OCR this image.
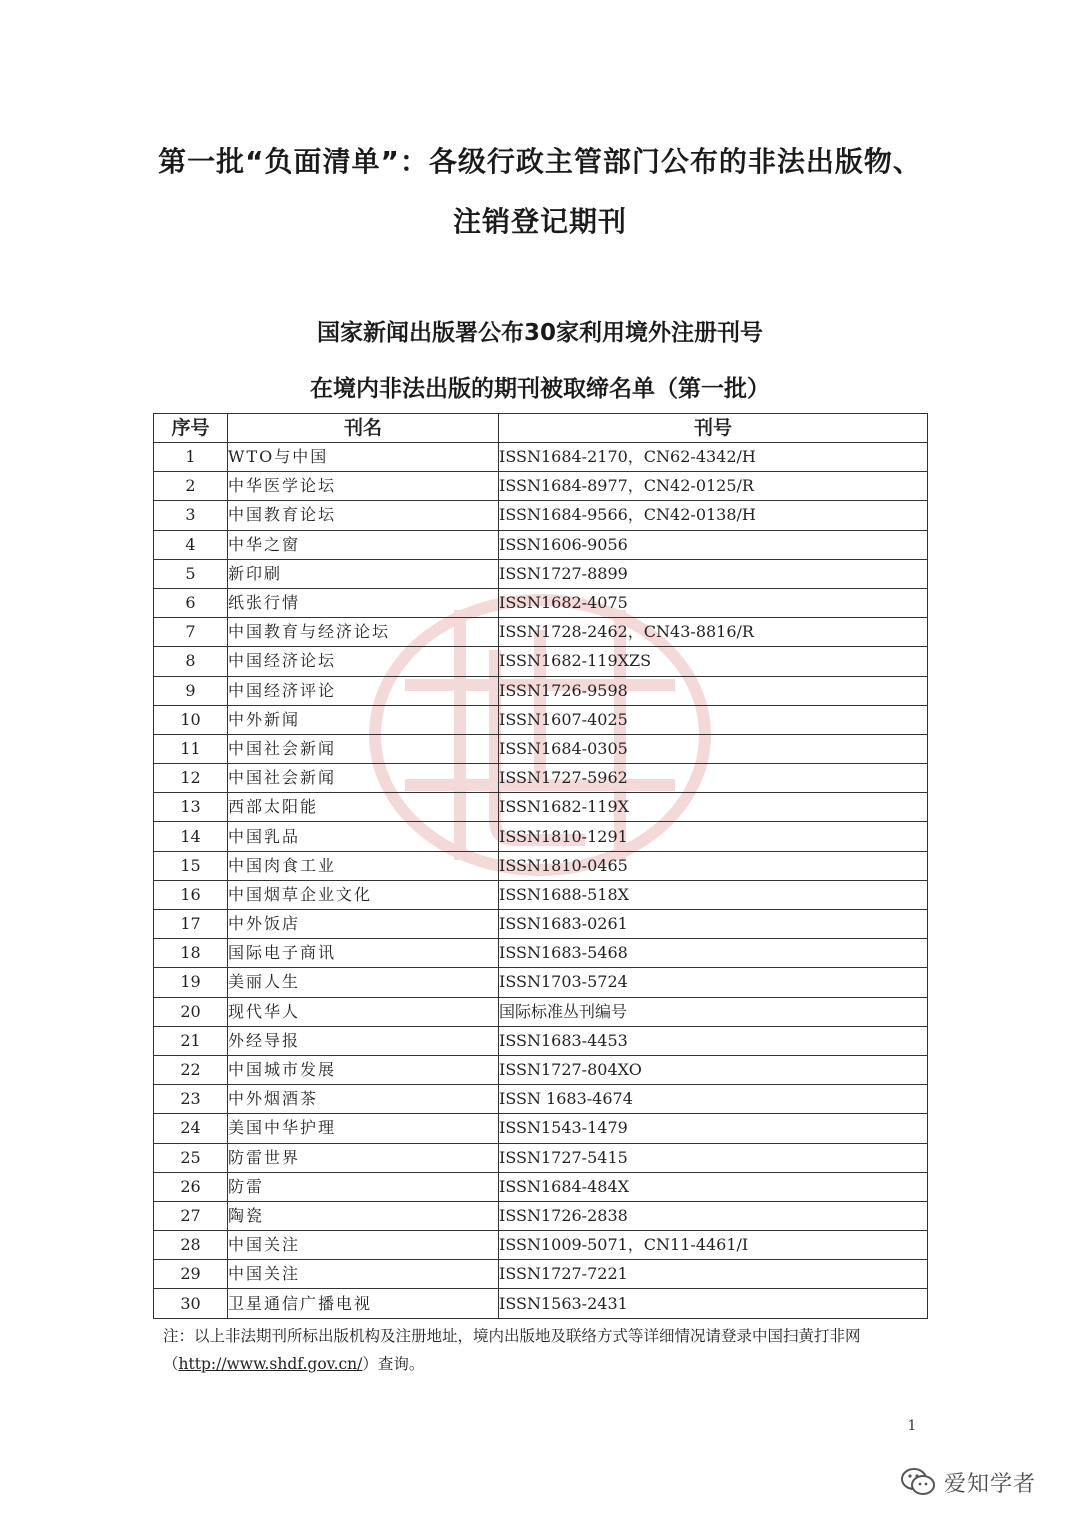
第一批“负面清单”：各级行政主管部门公布的非法出版物、
注销登记期刊
国家新闻出版署公布30家利用境外注册刊号
在境内非法出版的期刊被取缔名单（第一批）
序号	刊名	刊号
1	WTO与中国	ISSN1684-2170，CN62-4342/H
2	中华医学论坛	ISSN1684-8977，CN42-0125/R
3	中国教育论坛	ISSN1684-9566，CN42-0138/H
4	中华之窗	ISSN1606-9056
5	新印刷	ISSN1727-8899
6	纸张行情	ISSN1682-4075
7	中国教育与经济论坛	ISSN1728-2462，CN43-8816/R
8	中国经济论坛	ISSN1682-119XZS
9	中国经济评论	ISSN1726-9598
10	中外新闻	ISSN1607-4025
11	中国社会新闻	ISSN1684-0305
12	中国社会新闻	ISSN1727-5962
13	西部太阳能	ISSN1682-119X
14	中国乳品	ISSN1810-1291
15	中国肉食工业	ISSN1810-0465
16	中国烟草企业文化	ISSN1688-518X
17	中外饭店	ISSN1683-0261
18	国际电子商讯	ISSN1683-5468
19	美丽人生	ISSN1703-5724
20	现代华人	国际标准丛刊编号
21	外经导报	ISSN1683-4453
22	中国城市发展	ISSN1727-804XO
23	中外烟酒茶	ISSN 1683-4674
24	美国中华护理	ISSN1543-1479
25	防雷世界	ISSN1727-5415
26	防雷	ISSN1684-484X
27	陶瓷	ISSN1726-2838
28	中国关注	ISSN1009-5071，CN11-4461/I
29	中国关注	ISSN1727-7221
30	卫星通信广播电视	ISSN1563-2431
注：以上非法期刊所标出版机构及注册地址，境内出版地及联络方式等详细情况请登录中国扫黄打非网（http://www.shdf.gov.cn/）查询。
1
爱知学者
